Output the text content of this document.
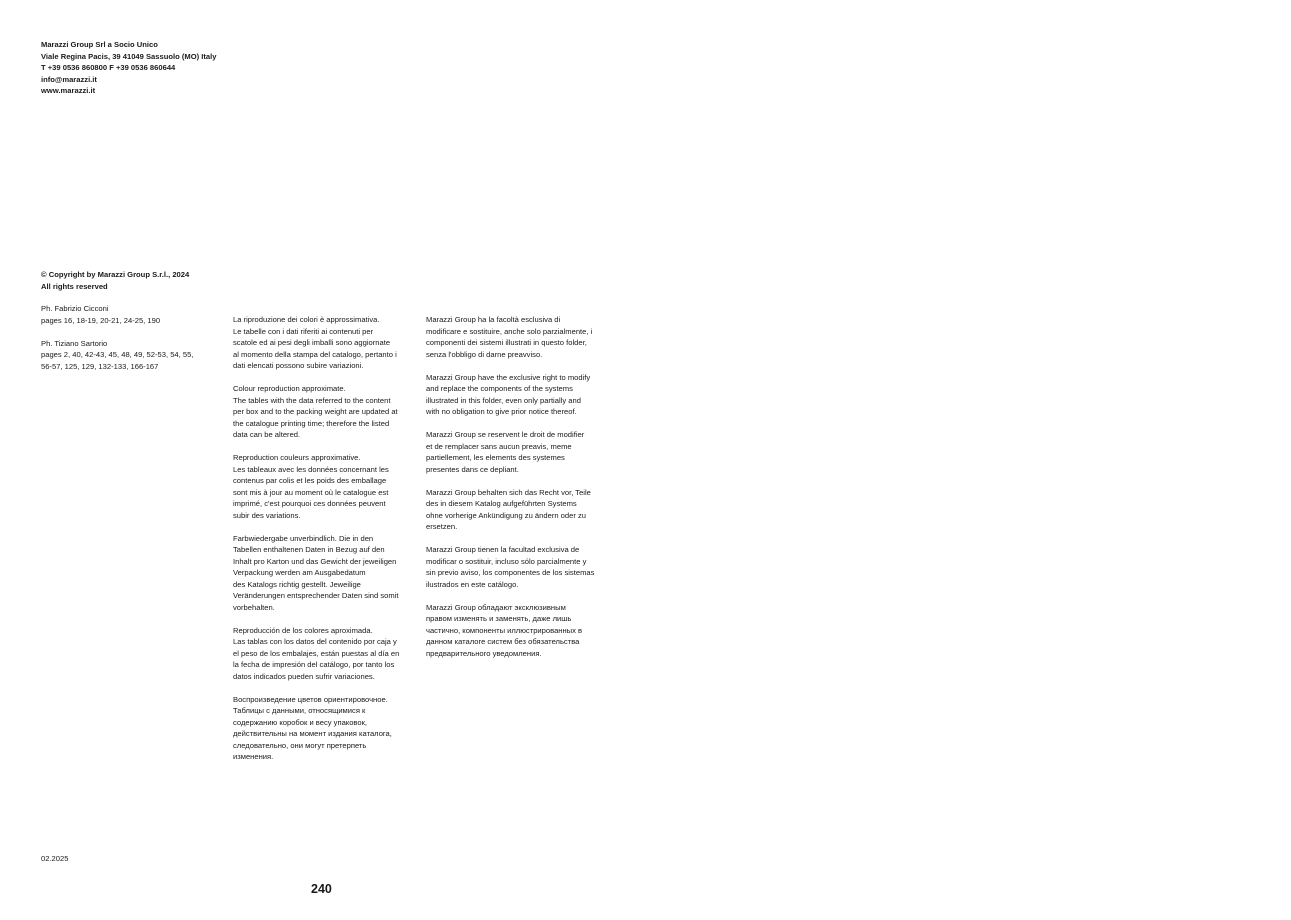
Marazzi Group Srl a Socio Unico
Viale Regina Pacis, 39 41049 Sassuolo (MO) Italy
T +39 0536 860800 F +39 0536 860644
info@marazzi.it
www.marazzi.it
© Copyright by Marazzi Group S.r.l., 2024
All rights reserved
Ph. Fabrizio Cicconi
pages 16, 18-19, 20-21, 24-25, 190
Ph. Tiziano Sartorio
pages 2, 40, 42-43, 45, 48, 49, 52-53, 54, 55,
56-57, 125, 129, 132-133, 166-167
La riproduzione dei colori è approssimativa.
Le tabelle con i dati riferiti ai contenuti per
scatole ed ai pesi degli imballi sono aggiornate
al momento della stampa del catalogo, pertanto i
dati elencati possono subire variazioni.
Colour reproduction approximate.
The tables with the data referred to the content
per box and to the packing weight are updated at
the catalogue printing time; therefore the listed
data can be altered.
Reproduction couleurs approximative.
Les tableaux avec les données concernant les
contenus par colis et les poids des emballage
sont mis à jour au moment où le catalogue est
imprimé, c'est pourquoi ces données peuvent
subir des variations.
Farbwiedergabe unverbindlich. Die in den
Tabellen enthaltenen Daten in Bezug auf den
Inhalt pro Karton und das Gewicht der jeweiligen
Verpackung werden am Ausgabedatum
des Katalogs richtig gestellt. Jeweilige
Veränderungen entsprechender Daten sind somit
vorbehalten.
Reproducción de los colores aproximada.
Las tablas con los datos del contenido por caja y
el peso de los embalajes, están puestas al día en
la fecha de impresión del catálogo, por tanto los
datos indicados pueden sufrir variaciones.
Воспроизведение цветов ориентировочное.
Таблицы с данными, относящимися к
содержанию коробок и весу упаковок,
действительны на момент издания каталога,
следовательно, они могут претерпеть
изменения.
Marazzi Group ha la facoltà esclusiva di
modificare e sostituire, anche solo parzialmente, i
componenti dei sistemi illustrati in questo folder,
senza l'obbligo di darne preavviso.
Marazzi Group have the exclusive right to modify
and replace the components of the systems
illustrated in this folder, even only partially and
with no obligation to give prior notice thereof.
Marazzi Group se reservent le droit de modifier
et de remplacer sans aucun preavis, meme
partiellement, les elements des systemes
presentes dans ce depliant.
Marazzi Group behalten sich das Recht vor, Teile
des in diesem Katalog aufgeführten Systems
ohne vorherige Ankündigung zu ändern oder zu
ersetzen.
Marazzi Group tienen la facultad exclusiva de
modificar o sostituir, incluso sólo parcialmente y
sin previo aviso, los componentes de los sistemas
ilustrados en este catálogo.
Marazzi Group обладают эксклюзивным
правом изменять и заменять, даже лишь
частично, компоненты иллюстрированных в
данном каталоге систем без обязательства
предварительного уведомления.
02.2025
240
